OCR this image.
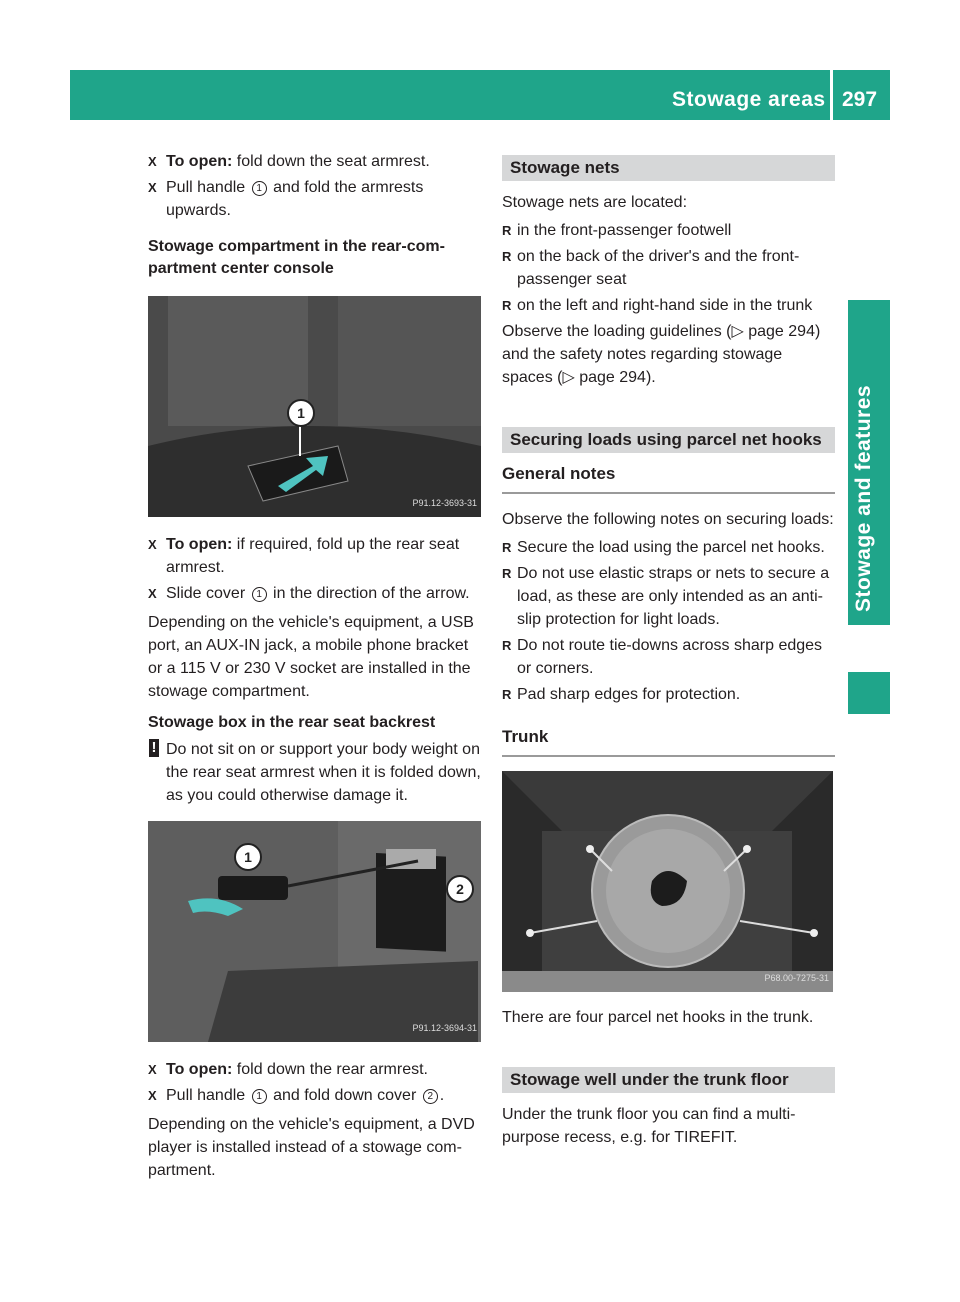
Stowage areas 297
Stowage and features
X To open: fold down the seat armrest.
X Pull handle 1 and fold the armrests upwards.
Stowage compartment in the rear-com-partment center console
1
P91.12-3693-31
X To open: if required, fold up the rear seat armrest.
X Slide cover 1 in the direction of the arrow.

Depending on the vehicle's equipment, a USB port, an AUX-IN jack, a mobile phone bracket or a 115 V or 230 V socket are installed in the stowage compartment.

Stowage box in the rear seat backrest
! Do not sit on or support your body weight on the rear seat armrest when it is folded down, as you could otherwise damage it.
1
2
P91.12-3694-31
X To open: fold down the rear armrest.
X Pull handle 1 and fold down cover 2 .

Depending on the vehicle's equipment, a DVD player is installed instead of a stowage com-partment.

Stowage nets

Stowage nets are located:

R in the front-passenger footwell
R on the back of the driver's and the front-passenger seat
R on the left and right-hand side in the trunk

Observe the loading guidelines (▷ page 294) and the safety notes regarding stowage spaces (▷ page 294).

Securing loads using parcel net hooks
General notes

Observe the following notes on securing loads:

R Secure the load using the parcel net hooks.
R Do not use elastic straps or nets to secure a load, as these are only intended as an anti-slip protection for light loads.
R Do not route tie-downs across sharp edges or corners.
R Pad sharp edges for protection.
Trunk
P68.00-7275-31

There are four parcel net hooks in the trunk.

Stowage well under the trunk floor

Under the trunk floor you can find a multi-purpose recess, e.g. for TIREFIT.
